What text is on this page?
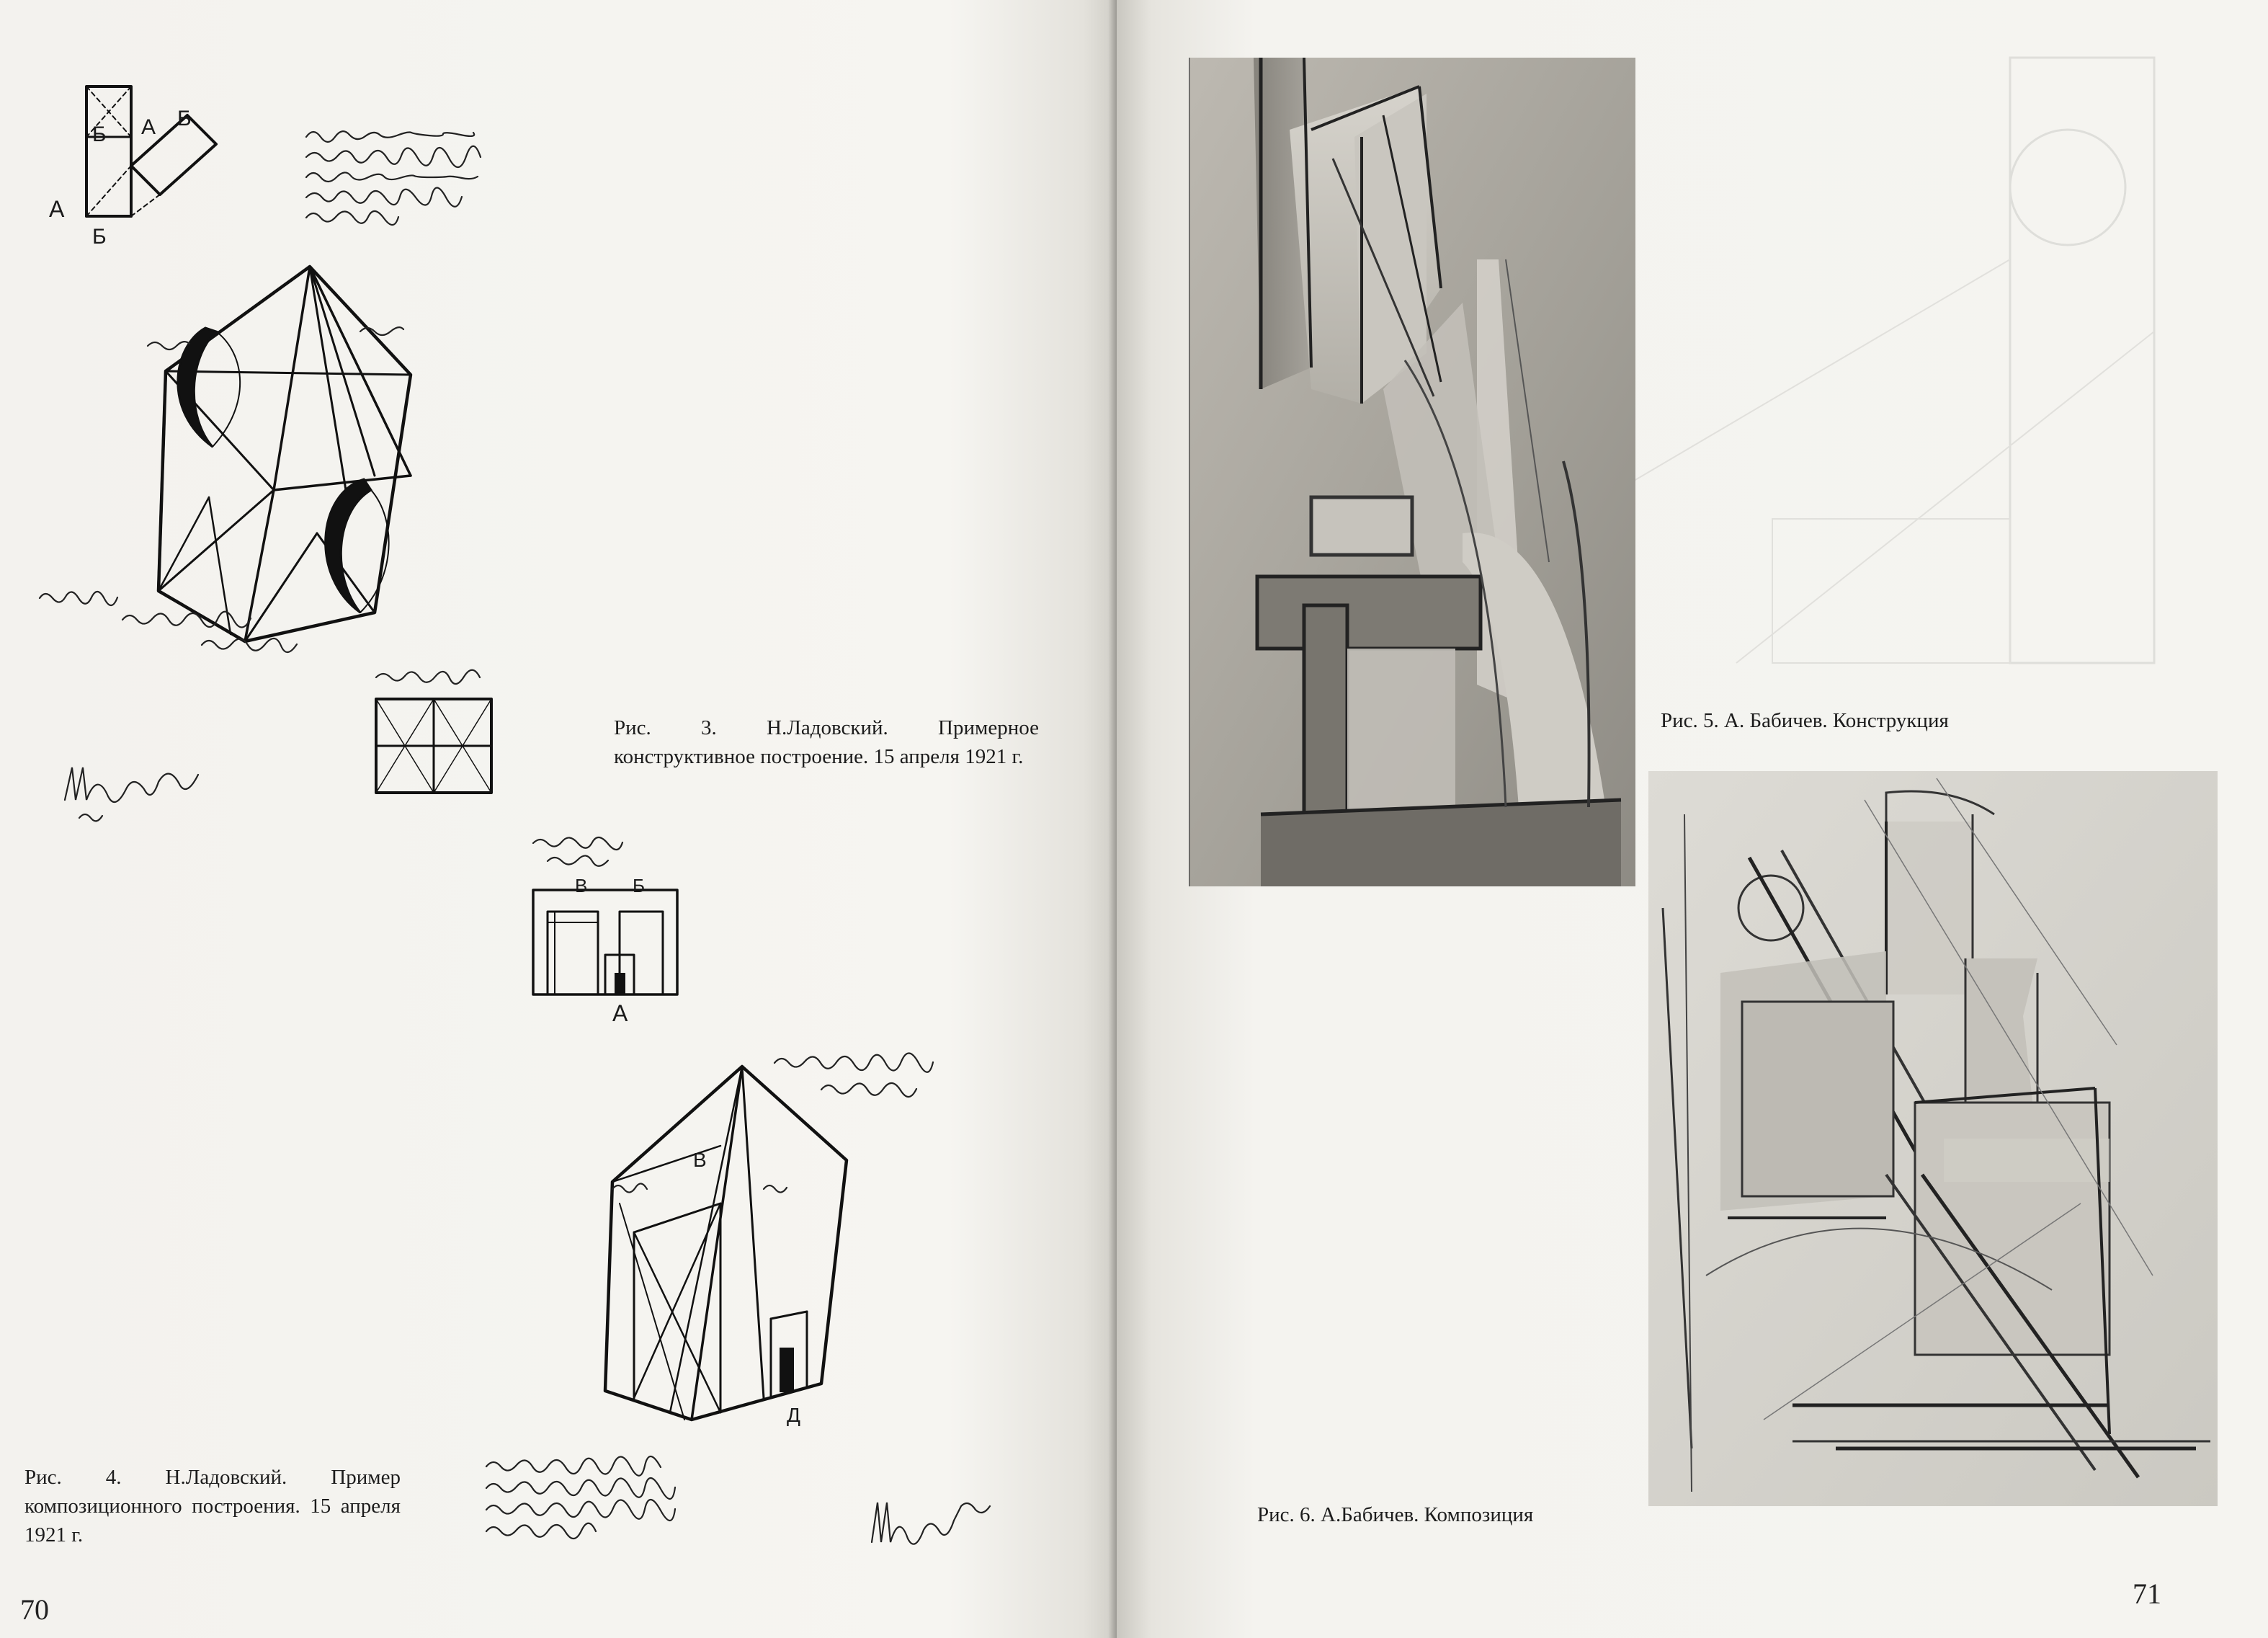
Б А Б
А
Б
Рис. 3. Н.Ладовский. Примерное конструктивное построение. 15 апреля 1921 г.
А
В Б
В
Д
Рис. 4. Н.Ладовский. Пример композиционного построения. 15 апреля 1921 г.
70
Рис. 5. А. Бабичев. Конструкция
Рис. 6. А.Бабичев. Композиция
71
